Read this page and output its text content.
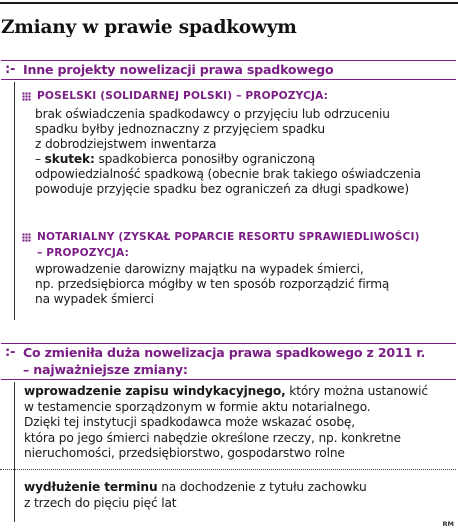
Zmiany w prawie spadkowym
:- Inne projekty nowelizacji prawa spadkowego
POSELSKI (SOLIDARNEJ POLSKI) – PROPOZYCJA:
brak oświadczenia spadkodawcy o przyjęciu lub odrzuceniu
spadku byłby jednoznaczny z przyjęciem spadku
z dobrodziejstwem inwentarza
– skutek: spadkobierca ponosiłby ograniczoną
odpowiedzialność spadkową (obecnie brak takiego oświadczenia
powoduje przyjęcie spadku bez ograniczeń za długi spadkowe)
NOTARIALNY (ZYSKAŁ POPARCIE RESORTU SPRAWIEDLIWOŚCI)
– PROPOZYCJA:
wprowadzenie darowizny majątku na wypadek śmierci,
np. przedsiębiorca mógłby w ten sposób rozporządzić firmą
na wypadek śmierci
:- Co zmieniła duża nowelizacja prawa spadkowego z 2011 r.
– najważniejsze zmiany:
wprowadzenie zapisu windykacyjnego, który można ustanowić
w testamencie sporządzonym w formie aktu notarialnego.
Dzięki tej instytucji spadkodawca może wskazać osobę,
która po jego śmierci nabędzie określone rzeczy, np. konkretne
nieruchomości, przedsiębiorstwo, gospodarstwo rolne
wydłużenie terminu na dochodzenie z tytułu zachowku
z trzech do pięciu pięć lat
RM
